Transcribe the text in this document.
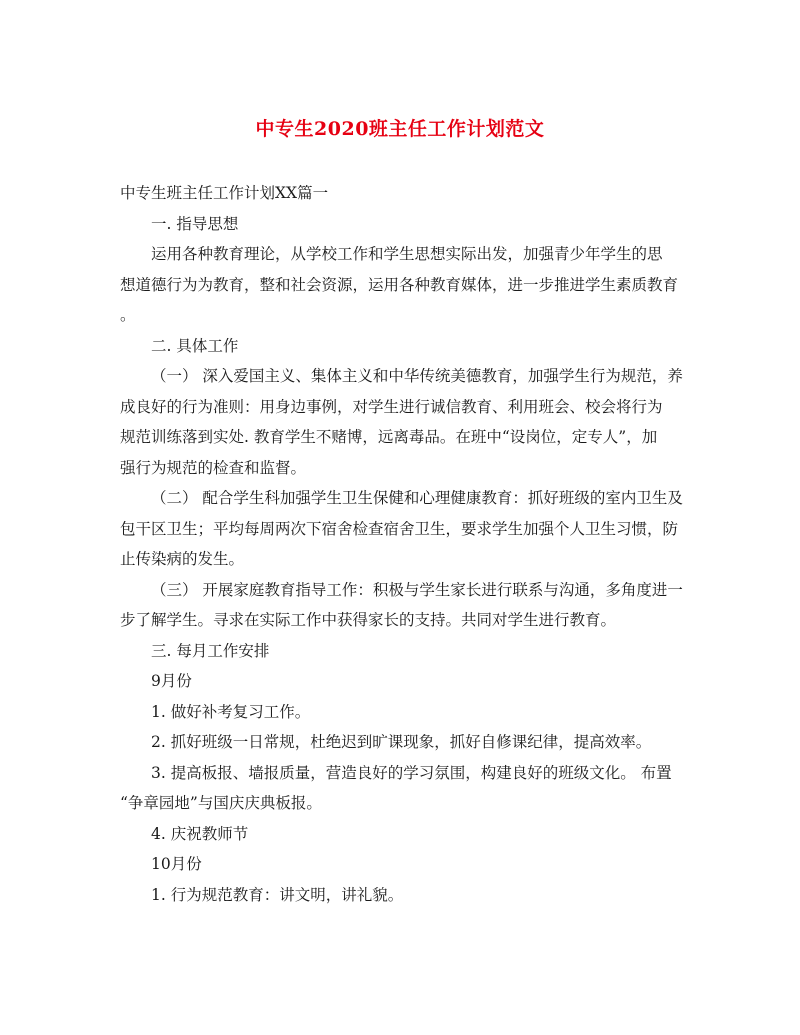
中专生2020班主任工作计划范文
中专生班主任工作计划XX篇一
一. 指导思想
运用各种教育理论，从学校工作和学生思想实际出发，加强青少年学生的思
想道德行为为教育，整和社会资源，运用各种教育媒体，进一步推进学生素质教育
。
二. 具体工作
（一） 深入爱国主义、集体主义和中华传统美德教育，加强学生行为规范，养
成良好的行为准则：用身边事例，对学生进行诚信教育、利用班会、校会将行为
规范训练落到实处. 教育学生不赌博，远离毒品。在班中“设岗位，定专人”，加
强行为规范的检查和监督。
（二） 配合学生科加强学生卫生保健和心理健康教育：抓好班级的室内卫生及
包干区卫生；平均每周两次下宿舍检查宿舍卫生，要求学生加强个人卫生习惯，防
止传染病的发生。
（三） 开展家庭教育指导工作：积极与学生家长进行联系与沟通，多角度进一
步了解学生。寻求在实际工作中获得家长的支持。共同对学生进行教育。
三. 每月工作安排
9月份
1. 做好补考复习工作。
2. 抓好班级一日常规，杜绝迟到旷课现象，抓好自修课纪律，提高效率。
3. 提高板报、墙报质量，营造良好的学习氛围，构建良好的班级文化。 布置
“争章园地”与国庆庆典板报。
4. 庆祝教师节
10月份
1. 行为规范教育：讲文明，讲礼貌。
